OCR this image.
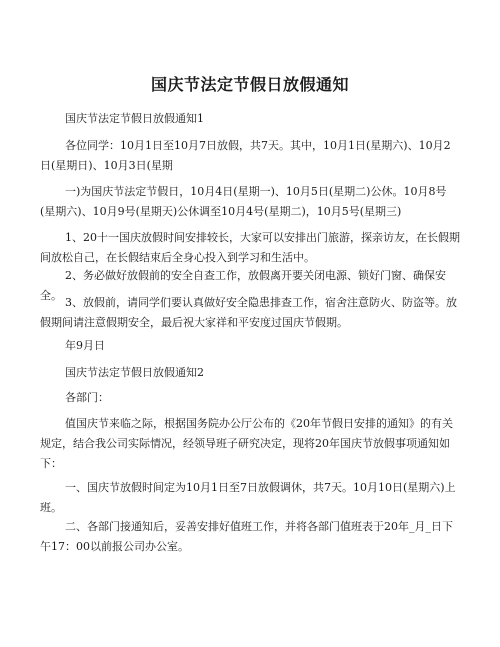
国庆节法定节假日放假通知
国庆节法定节假日放假通知1
各位同学：10月1日至10月7日放假，共7天。其中，10月1日(星期六)、10月2日(星期日)、10月3日(星期
一)为国庆节法定节假日，10月4日(星期一)、10月5日(星期二)公休。10月8号(星期六)、10月9号(星期天)公休调至10月4号(星期二)，10月5号(星期三)
1、20十一国庆放假时间安排较长，大家可以安排出门旅游，探亲访友，在长假期间放松自己，在长假结束后全身心投入到学习和生活中。
2、务必做好放假前的安全自查工作，放假离开要关闭电源、锁好门窗、确保安全。
3、放假前，请同学们要认真做好安全隐患排查工作，宿舍注意防火、防盗等。放假期间请注意假期安全，最后祝大家祥和平安度过国庆节假期。
年9月日
国庆节法定节假日放假通知2
各部门：
值国庆节来临之际，根据国务院办公厅公布的《20年节假日安排的通知》的有关规定，结合我公司实际情况，经领导班子研究决定，现将20年国庆节放假事项通知如下：
一、国庆节放假时间定为10月1日至7日放假调休，共7天。10月10日(星期六)上班。
二、各部门接通知后，妥善安排好值班工作，并将各部门值班表于20年_月_日下午17：00以前报公司办公室。
